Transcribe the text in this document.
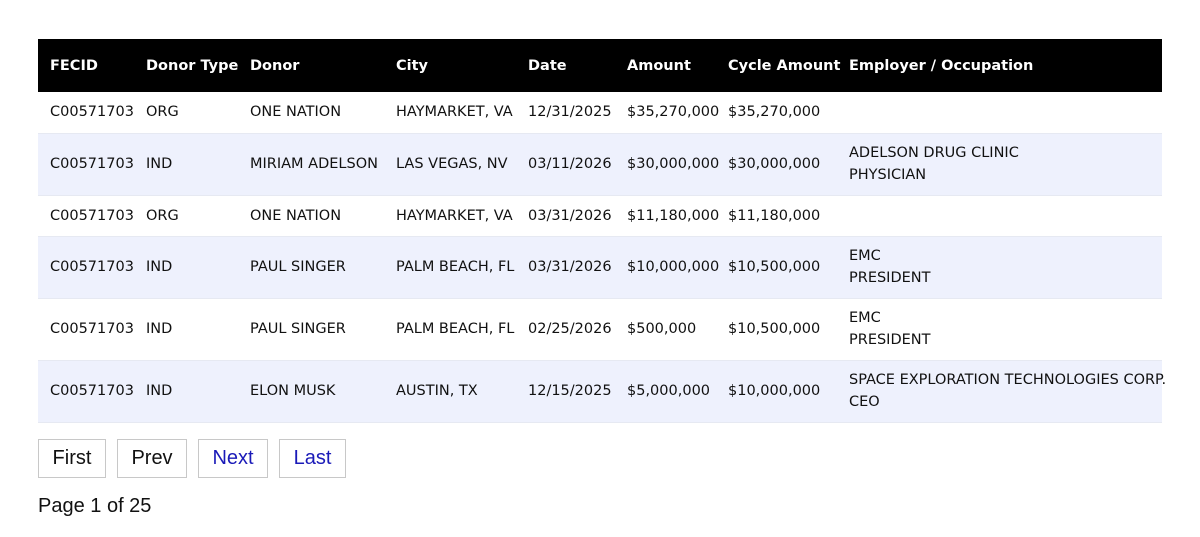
FECID	Donor Type	Donor	City	Date	Amount	Cycle Amount	Employer / Occupation
C00571703	ORG	ONE NATION	HAYMARKET, VA	12/31/2025	$35,270,000	$35,270,000	

C00571703	IND	MIRIAM ADELSON	LAS VEGAS, NV	03/11/2026	$30,000,000	$30,000,000	ADELSON DRUG CLINIC
PHYSICIAN

C00571703	ORG	ONE NATION	HAYMARKET, VA	03/31/2026	$11,180,000	$11,180,000	

C00571703	IND	PAUL SINGER	PALM BEACH, FL	03/31/2026	$10,000,000	$10,500,000	EMC
PRESIDENT

C00571703	IND	PAUL SINGER	PALM BEACH, FL	02/25/2026	$500,000	$10,500,000	EMC
PRESIDENT

C00571703	IND	ELON MUSK	AUSTIN, TX	12/15/2025	$5,000,000	$10,000,000	SPACE EXPLORATION TECHNOLOGIES CORP.
CEO
First	Prev	Next	Last
Page 1 of 25
